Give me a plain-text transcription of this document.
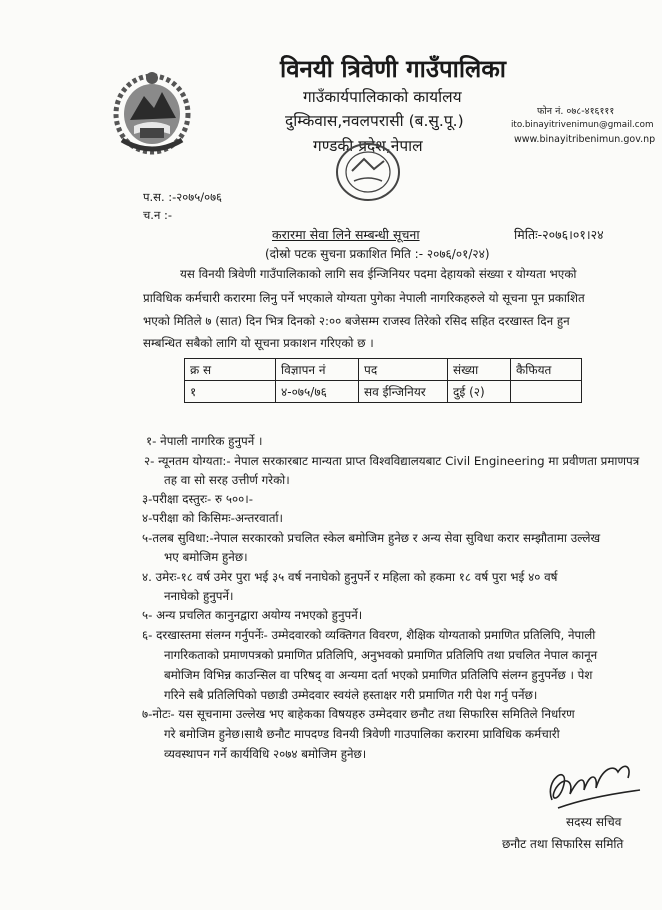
विनयी त्रिवेणी गाउँपालिका
गाउँकार्यपालिकाको कार्यालय
दुम्किवास,नवलपरासी (ब.सु.पू.)
गण्डकी प्रदेश,नेपाल
फोन नं. ०७८-४१६१११
ito.binayitrivenimun@gmail.com
www.binayitribenimun.gov.np
प.स. :-२०७५/०७६
च.न :-
करारमा सेवा लिने सम्बन्धी सूचना	मितिः-२०७६।०१।२४
(दोस्रो पटक सुचना प्रकाशित मिति :- २०७६/०१/२४)
यस विनयी त्रिवेणी गाउँपालिकाको लागि सव ईन्जिनियर पदमा देहायको संख्या र योग्यता भएको
प्राविधिक कर्मचारी करारमा लिनु पर्ने भएकाले योग्यता पुगेका नेपाली नागरिकहरुले यो सूचना पून प्रकाशित
भएको मितिले ७ (सात) दिन भित्र दिनको २:०० बजेसम्म राजस्व तिरेको रसिद सहित दरखास्त दिन हुन
सम्बन्धित सबैको लागि यो सूचना प्रकाशन गरिएको छ ।
क्र स	विज्ञापन नं	पद	संख्या	कैफियत
१	४-०७५/७६	सव ईन्जिनियर	दुई (२)	
१- नेपाली नागरिक हुनुपर्ने ।
२- न्यूनतम योग्यता:- नेपाल सरकारबाट मान्यता प्राप्त विश्वविद्यालयबाट Civil Engineering मा प्रवीणता प्रमाणपत्र
तह वा सो सरह उत्तीर्ण गरेको।
३-परीक्षा दस्तुरः- रु ५००।-
४-परीक्षा को किसिमः-अन्तरवार्ता।
५-तलब सुविधा:-नेपाल सरकारको प्रचलित स्केल बमोजिम हुनेछ र अन्य सेवा सुविधा करार सम्झौतामा उल्लेख
भए बमोजिम हुनेछ।
४. उमेरः-१८ वर्ष उमेर पुरा भई ३५ वर्ष ननाघेको हुनुपर्ने र महिला को हकमा १८ वर्ष पुरा भई ४० वर्ष
ननाघेको हुनुपर्ने।
५- अन्य प्रचलित कानुनद्वारा अयोग्य नभएको हुनुपर्ने।
६- दरखास्तमा संलग्न गर्नुपर्नेः- उम्मेदवारको व्यक्तिगत विवरण, शैक्षिक योग्यताको प्रमाणित प्रतिलिपि, नेपाली
नागरिकताको प्रमाणपत्रको प्रमाणित प्रतिलिपि, अनुभवको प्रमाणित प्रतिलिपि तथा प्रचलित नेपाल कानून
बमोजिम विभिन्न काउन्सिल वा परिषद् वा अन्यमा दर्ता भएको प्रमाणित प्रतिलिपि संलग्न हुनुपर्नेछ । पेश
गरिने सबै प्रतिलिपिको पछाडी उम्मेदवार स्वयंले हस्ताक्षर गरी प्रमाणित गरी पेश गर्नु पर्नेछ।
७-नोटः- यस सूचनामा उल्लेख भए बाहेकका विषयहरु उम्मेदवार छनौट तथा सिफारिस समितिले निर्धारण
गरे बमोजिम हुनेछ।साथै छनौट मापदण्ड विनयी त्रिवेणी गाउपालिका करारमा प्राविधिक कर्मचारी
व्यवस्थापन गर्ने कार्यविधि २०७४ बमोजिम हुनेछ।
सदस्य सचिव
छनौट तथा सिफारिस समिति
